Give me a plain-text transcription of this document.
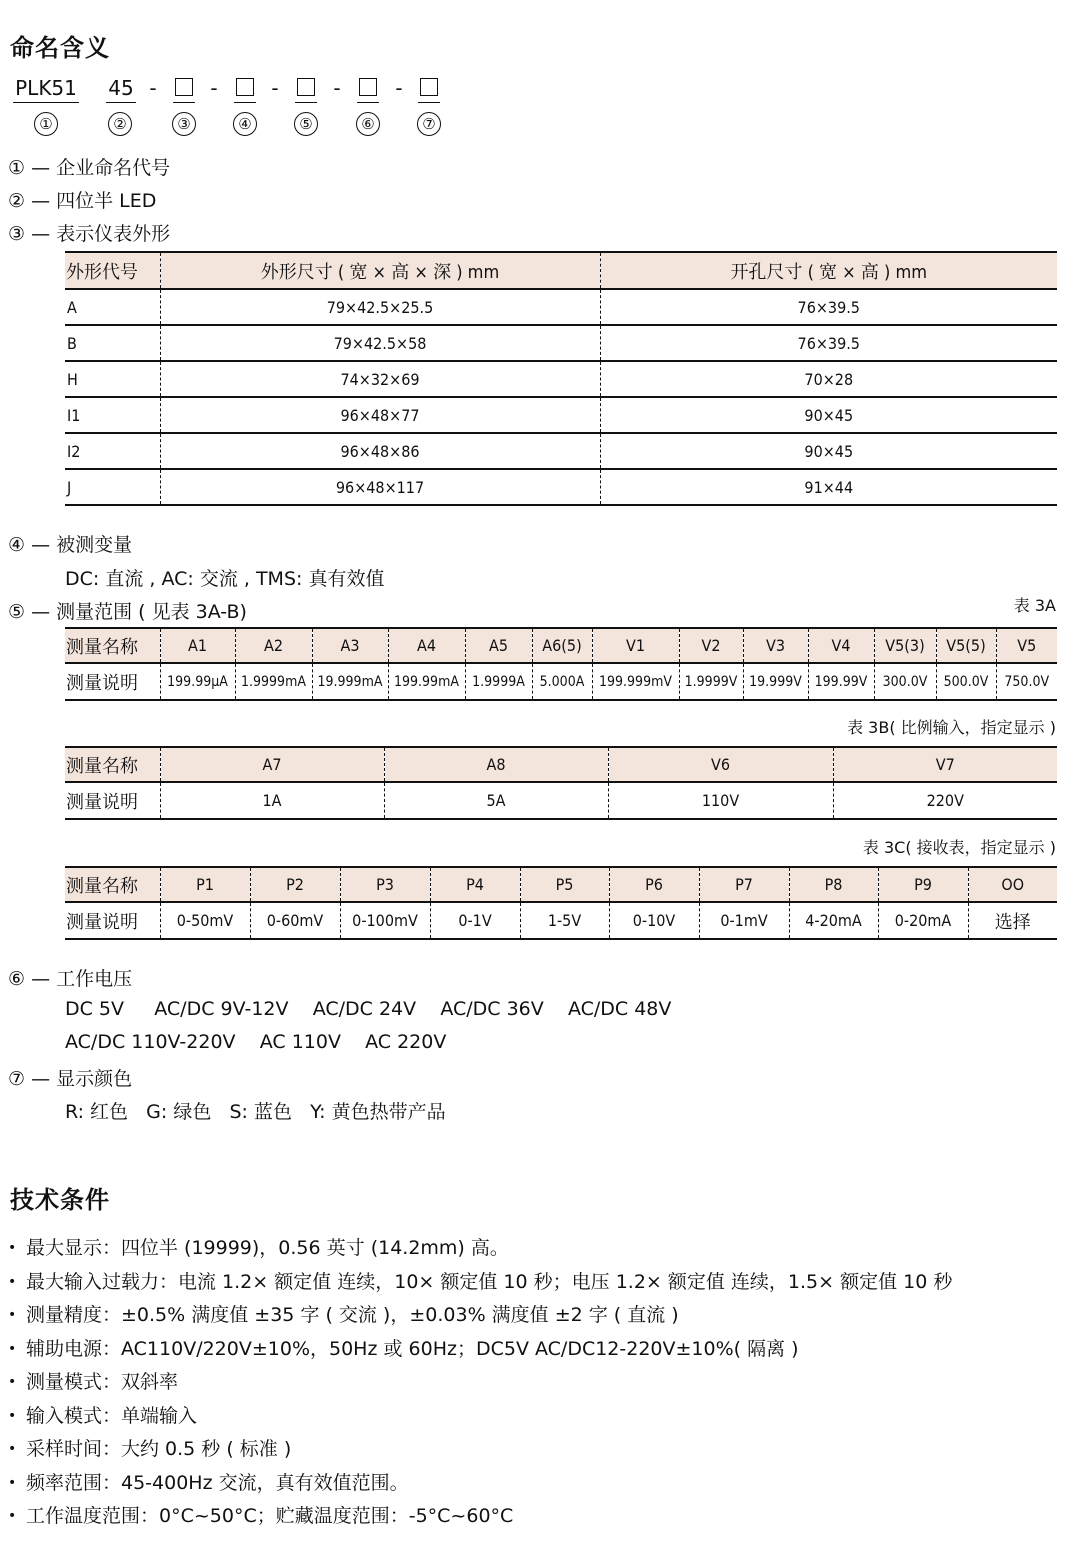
命名含义
PLK51 45 -	-	-	-	-
①	②	③	④	⑤	⑥	⑦
① — 企业命名代号
② — 四位半 LED
③ — 表示仪表外形
外形代号	外形尺寸 ( 宽 × 高 × 深 ) mm	开孔尺寸 ( 宽 × 高 ) mm
A	79×42.5×25.5	76×39.5
B	79×42.5×58	76×39.5
H	74×32×69	70×28
I1	96×48×77	90×45
I2	96×48×86	90×45
J	96×48×117	91×44
④ — 被测变量
DC: 直流 , AC: 交流 , TMS: 真有效值
⑤ — 测量范围 ( 见表 3A-B)	表 3A
测量名称	A1	A2	A3	A4	A5	A6(5)	V1	V2	V3	V4	V5(3)	V5(5)	V5
测量说明	199.99μA	1.9999mA	19.999mA	199.99mA	1.9999A	5.000A	199.999mV	1.9999V	19.999V	199.99V	300.0V	500.0V	750.0V
表 3B( 比例输入，指定显示 )
测量名称	A7	A8	V6	V7
测量说明	1A	5A	110V	220V
表 3C( 接收表，指定显示 )
测量名称	P1	P2	P3	P4	P5	P6	P7	P8	P9	OO
测量说明	0-50mV	0-60mV	0-100mV	0-1V	1-5V	0-10V	0-1mV	4-20mA	0-20mA	选择
⑥ — 工作电压
DC 5V AC/DC 9V-12V AC/DC 24V AC/DC 36V AC/DC 48V
AC/DC 110V-220V AC 110V AC 220V
⑦ — 显示颜色
R: 红色   G: 绿色   S: 蓝色   Y: 黄色热带产品
技术条件
• 最大显示：四位半 (19999)，0.56 英寸 (14.2mm) 高。
• 最大输入过载力：电流 1.2× 额定值 连续，10× 额定值 10 秒；电压 1.2× 额定值 连续，1.5× 额定值 10 秒
• 测量精度：±0.5% 满度值 ±35 字 ( 交流 )，±0.03% 满度值 ±2 字 ( 直流 )
• 辅助电源：AC110V/220V±10%，50Hz 或 60Hz；DC5V AC/DC12-220V±10%( 隔离 )
• 测量模式：双斜率
• 输入模式：单端输入
• 采样时间：大约 0.5 秒 ( 标准 )
• 频率范围：45-400Hz 交流，真有效值范围。
• 工作温度范围：0°C~50°C；贮藏温度范围：-5°C~60°C
